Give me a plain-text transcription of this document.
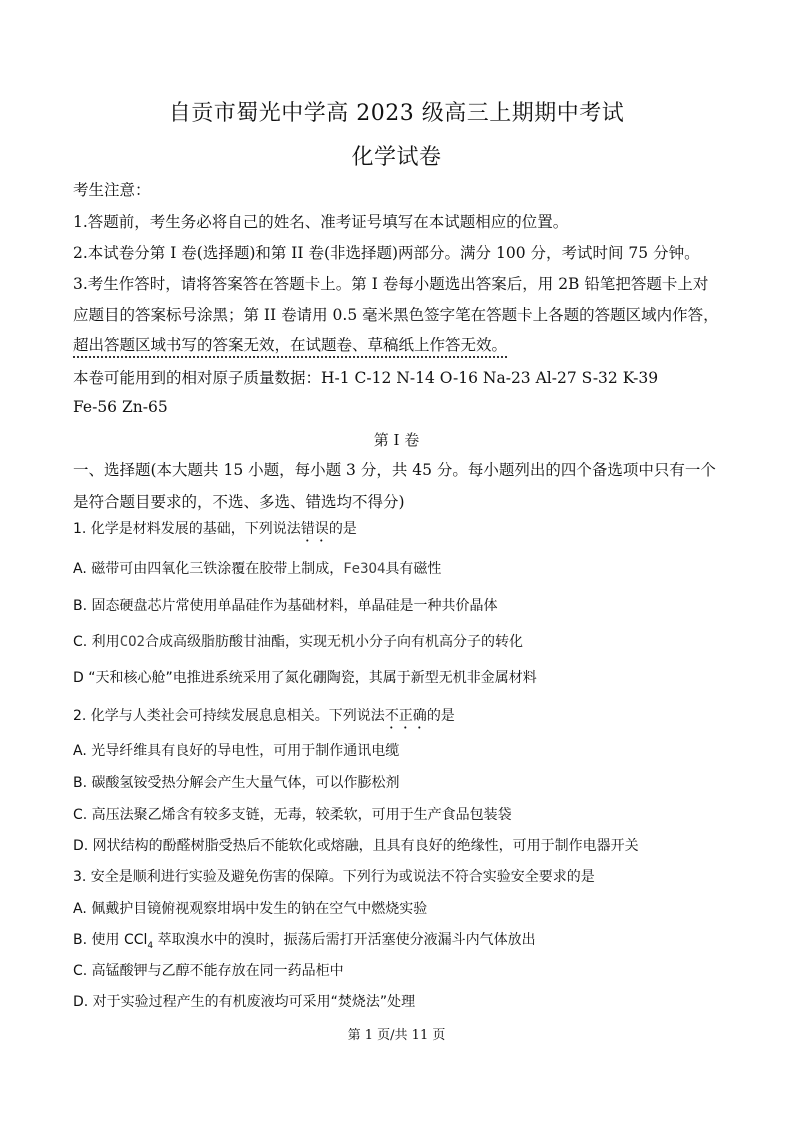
自贡市蜀光中学高 2023 级高三上期期中考试
化学试卷
考生注意：
1.答题前，考生务必将自己的姓名、准考证号填写在本试题相应的位置。
2.本试卷分第 I 卷(选择题)和第 II 卷(非选择题)两部分。满分 100 分，考试时间 75 分钟。
3.考生作答时，请将答案答在答题卡上。第 I 卷每小题选出答案后，用 2B 铅笔把答题卡上对
应题目的答案标号涂黑；第 II 卷请用 0.5 毫米黑色签字笔在答题卡上各题的答题区域内作答，
超出答题区域书写的答案无效，在试题卷、草稿纸上作答无效。
本卷可能用到的相对原子质量数据：H-1 C-12 N-14 O-16 Na-23 Al-27 S-32 K-39
Fe-56 Zn-65
第 I 卷
一、选择题(本大题共 15 小题，每小题 3 分，共 45 分。每小题列出的四个备选项中只有一个
是符合题目要求的，不选、多选、错选均不得分)
1. 化学是材料发展的基础，下列说法错误的是
A. 磁带可由四氧化三铁涂覆在胶带上制成，Fe3O4具有磁性
B. 固态硬盘芯片常使用单晶硅作为基础材料，单晶硅是一种共价晶体
C. 利用CO2合成高级脂肪酸甘油酯，实现无机小分子向有机高分子的转化
D “天和核心舱”电推进系统采用了氮化硼陶瓷，其属于新型无机非金属材料
2. 化学与人类社会可持续发展息息相关。下列说法不正确的是
A. 光导纤维具有良好的导电性，可用于制作通讯电缆
B. 碳酸氢铵受热分解会产生大量气体，可以作膨松剂
C. 高压法聚乙烯含有较多支链，无毒，较柔软，可用于生产食品包装袋
D. 网状结构的酚醛树脂受热后不能软化或熔融，且具有良好的绝缘性，可用于制作电器开关
3. 安全是顺利进行实验及避免伤害的保障。下列行为或说法不符合实验安全要求的是
A. 佩戴护目镜俯视观察坩埚中发生的钠在空气中燃烧实验
B. 使用 CCl$_4$ 萃取溴水中的溴时，振荡后需打开活塞使分液漏斗内气体放出
C. 高锰酸钾与乙醇不能存放在同一药品柜中
D. 对于实验过程产生的有机废液均可采用“焚烧法”处理
第 1 页/共 11 页
